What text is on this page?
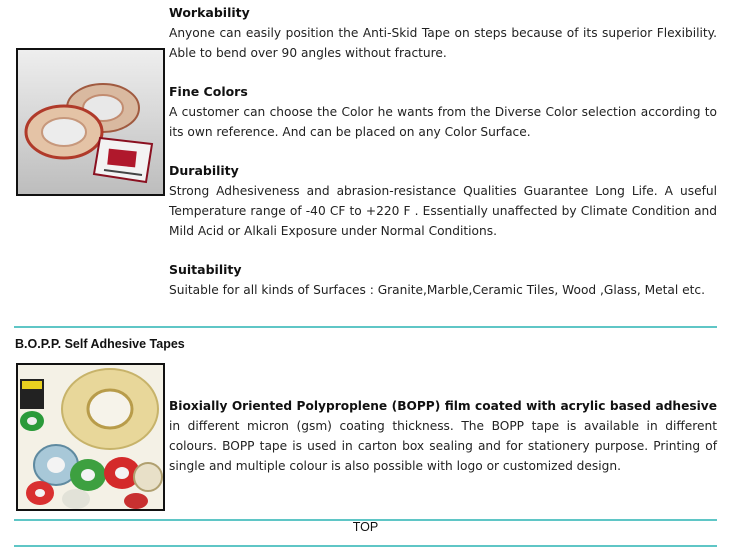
Workability

Anyone can easily position the Anti-Skid Tape on steps because of its superior Flexibility. Able to bend over 90 angles without fracture.

Fine Colors

A customer can choose the Color he wants from the Diverse Color selection according to its own reference. And can be placed on any Color Surface.

Durability

Strong Adhesiveness and abrasion-resistance Qualities Guarantee Long Life. A useful Temperature range of -40 CF to +220 F . Essentially unaffected by Climate Condition and Mild Acid or Alkali Exposure under Normal Conditions.

Suitability

Suitable for all kinds of Surfaces : Granite,Marble,Ceramic Tiles, Wood ,Glass, Metal etc.

B.O.P.P. Self Adhesive Tapes
Bioxially Oriented Polyproplene (BOPP) film coated with acrylic based adhesive in different micron (gsm) coating thickness. The BOPP tape is available in different colours. BOPP tape is used in carton box sealing and for stationery purpose. Printing of single and multiple colour is also possible with logo or customized design.
TOP
